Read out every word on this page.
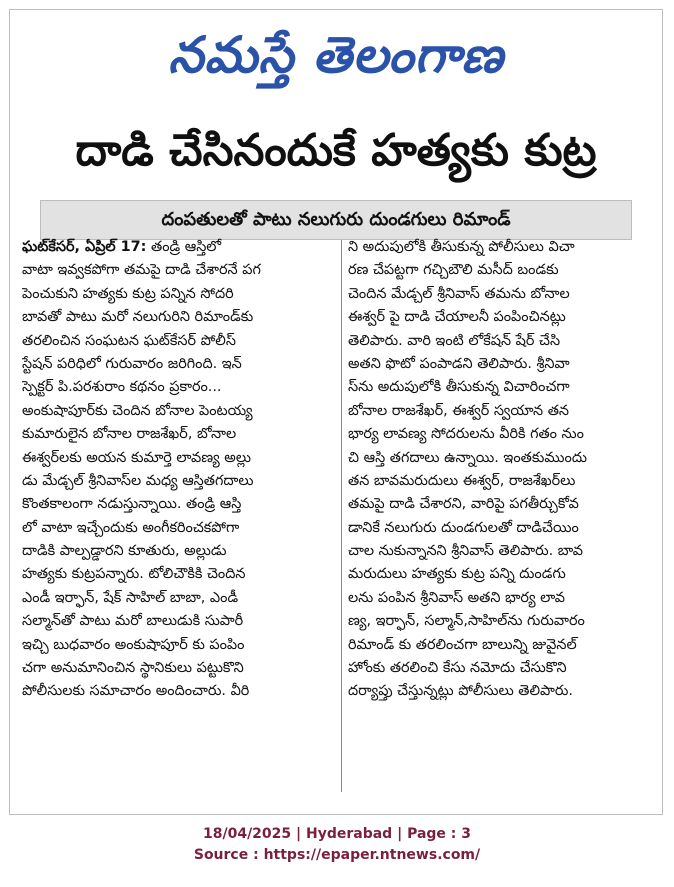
నమస్తే తెలంగాణ
దాడి చేసినందుకే హత్యకు కుట్ర
దంపతులతో పాటు నలుగురు దుండగులు రిమాండ్
ఘట్‌కేసర్, ఏప్రిల్ 17: తండ్రి ఆస్తిలో
వాటా ఇవ్వకపోగా తమపై దాడి చేశారనే పగ
పెంచుకుని హత్యకు కుట్ర పన్నిన సోదరి
బావతో పాటు మరో నలుగురిని రిమాండ్‌కు
తరలించిన సంఘటన ఘట్‌కేసర్ పోలీస్
స్టేషన్ పరిధిలో గురువారం జరిగింది. ఇన్
స్పెక్టర్ పి.పరశురాం కథనం ప్రకారం...
అంకుషాపూర్‌కు చెందిన బోనాల పెంటయ్య
కుమారులైన బోనాల రాజశేఖర్, బోనాల
ఈశ్వర్‌లకు అయన కుమార్తె లావణ్య అల్లు
డు మేడ్చల్ శ్రీనివాస్‌ల మధ్య ఆస్తితగదాలు
కొంతకాలంగా నడుస్తున్నాయి. తండ్రి ఆస్తి
లో వాటా ఇచ్చేందుకు అంగీకరించకపోగా
దాడికి పాల్పడ్డారని కూతురు, అల్లుడు
హత్యకు కుట్రపన్నారు. టోలిచౌకికి చెందిన
ఎండీ ఇర్ఫాన్, షేక్ సాహిల్ బాబా, ఎండీ
సల్మాన్‌తో పాటు మరో బాలుడుకి సుపారీ
ఇచ్చి బుధవారం అంకుషాపూర్ కు పంపిం
చగా అనుమానించిన స్థానికులు పట్టుకొని
పోలీసులకు సమాచారం అందించారు. వీరి
ని అదుపులోకి తీసుకున్న పోలీసులు విచా
రణ చేపట్టగా గచ్చిబౌలి మసీద్ బండకు
చెందిన మేడ్చల్ శ్రీనివాస్ తమను బోనాల
ఈశ్వర్ పై దాడి చేయాలనీ పంపించినట్లు
తెలిపారు. వారి ఇంటి లోకేషన్ షేర్ చేసి
అతని ఫొటో పంపాడని తెలిపారు. శ్రీనివా
స్‌ను అదుపులోకి తీసుకున్న విచారించగా
బోనాల రాజశేఖర్, ఈశ్వర్ స్వయాన తన
భార్య లావణ్య సోదరులను వీరికి గతం నుం
చి ఆస్తి తగదాలు ఉన్నాయి. ఇంతకుముందు
తన బావమరుదులు ఈశ్వర్, రాజశేఖర్‌లు
తమపై దాడి చేశారని, వారిపై పగతీర్చుకోవ
డానికే నలుగురు దుండగులతో దాడిచేయిం
చాల నుకున్నానని శ్రీనివాస్ తెలిపారు. బావ
మరుదులు హత్యకు కుట్ర పన్ని దుండగు
లను పంపిన శ్రీనివాస్ అతని భార్య లావ
ణ్య, ఇర్ఫాన్, సల్మాన్,సాహిల్‌ను గురువారం
రిమాండ్ కు తరలించగా బాలున్ని జువైనల్
హోంకు తరలించి కేసు నమోదు చేసుకొని
దర్యాప్తు చేస్తున్నట్లు పోలీసులు తెలిపారు.
18/04/2025 | Hyderabad | Page : 3
Source : https://epaper.ntnews.com/
